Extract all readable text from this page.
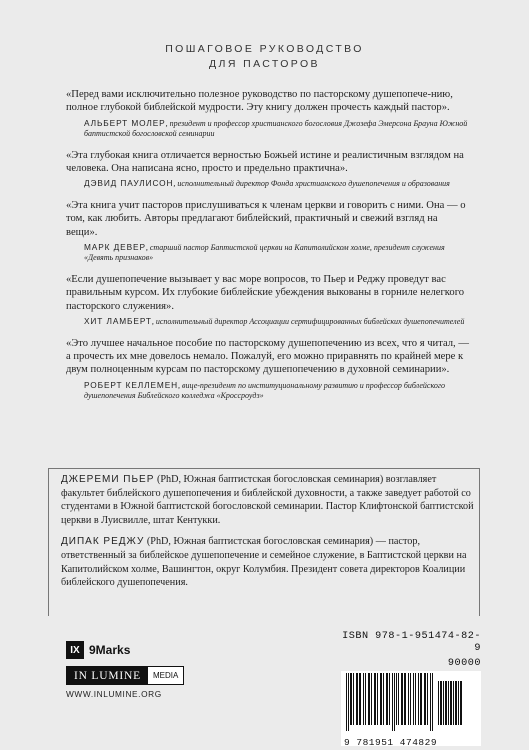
ПОШАГОВОЕ РУКОВОДСТВО
ДЛЯ ПАСТОРОВ
«Перед вами исключительно полезное руководство по пасторскому душепопече-нию, полное глубокой библейской мудрости. Эту книгу должен прочесть каждый пастор».
АЛЬБЕРТ МОЛЕР, президент и профессор христианского богословия Джозефа Эмерсона Брауна Южной баптистской богословской семинарии
«Эта глубокая книга отличается верностью Божьей истине и реалистичным взглядом на человека. Она написана ясно, просто и предельно практична».
ДЭВИД ПАУЛИСОН, исполнительный директор Фонда христианского душепопечения и образования
«Эта книга учит пасторов прислушиваться к членам церкви и говорить с ними. Она — о том, как любить. Авторы предлагают библейский, практичный и свежий взгляд на вещи».
МАРК ДЕВЕР, старший пастор Баптистской церкви на Капитолийском холме, президент служения «Девять признаков»
«Если душепопечение вызывает у вас море вопросов, то Пьер и Реджу проведут вас правильным курсом. Их глубокие библейские убеждения выкованы в горниле нелегкого пасторского служения».
ХИТ ЛАМБЕРТ, исполнительный директор Ассоциации сертифицированных библейских душепопечителей
«Это лучшее начальное пособие по пасторскому душепопечению из всех, что я читал, — а прочесть их мне довелось немало. Пожалуй, его можно приравнять по крайней мере к двум полноценным курсам по пасторскому душепопечению в духовной семинарии».
РОБЕРТ КЕЛЛЕМЕН, вице-президент по институциональному развитию и профессор библейского душепопечения Библейского колледжа «Кроссроудз»
ДЖЕРЕМИ ПЬЕР (PhD, Южная баптистская богословская семинария) возглавляет факультет библейского душепопечения и библейской духовности, а также заведует работой со студентами в Южной баптистской богословской семинарии. Пастор Клифтонской баптистской церкви в Луисвилле, штат Кентукки.
ДИПАК РЕДЖУ (PhD, Южная баптистская богословская семинария) — пастор, ответственный за библейское душепопечение и семейное служение, в Баптистской церкви на Капитолийском холме, Вашингтон, округ Колумбия. Президент совета директоров Коалиции библейского душепопечения.
IX 9Marks
IN LUMINE	MEDIA
WWW.INLUMINE.ORG
ISBN 978-1-951474-82-9
90000
9 781951 474829
